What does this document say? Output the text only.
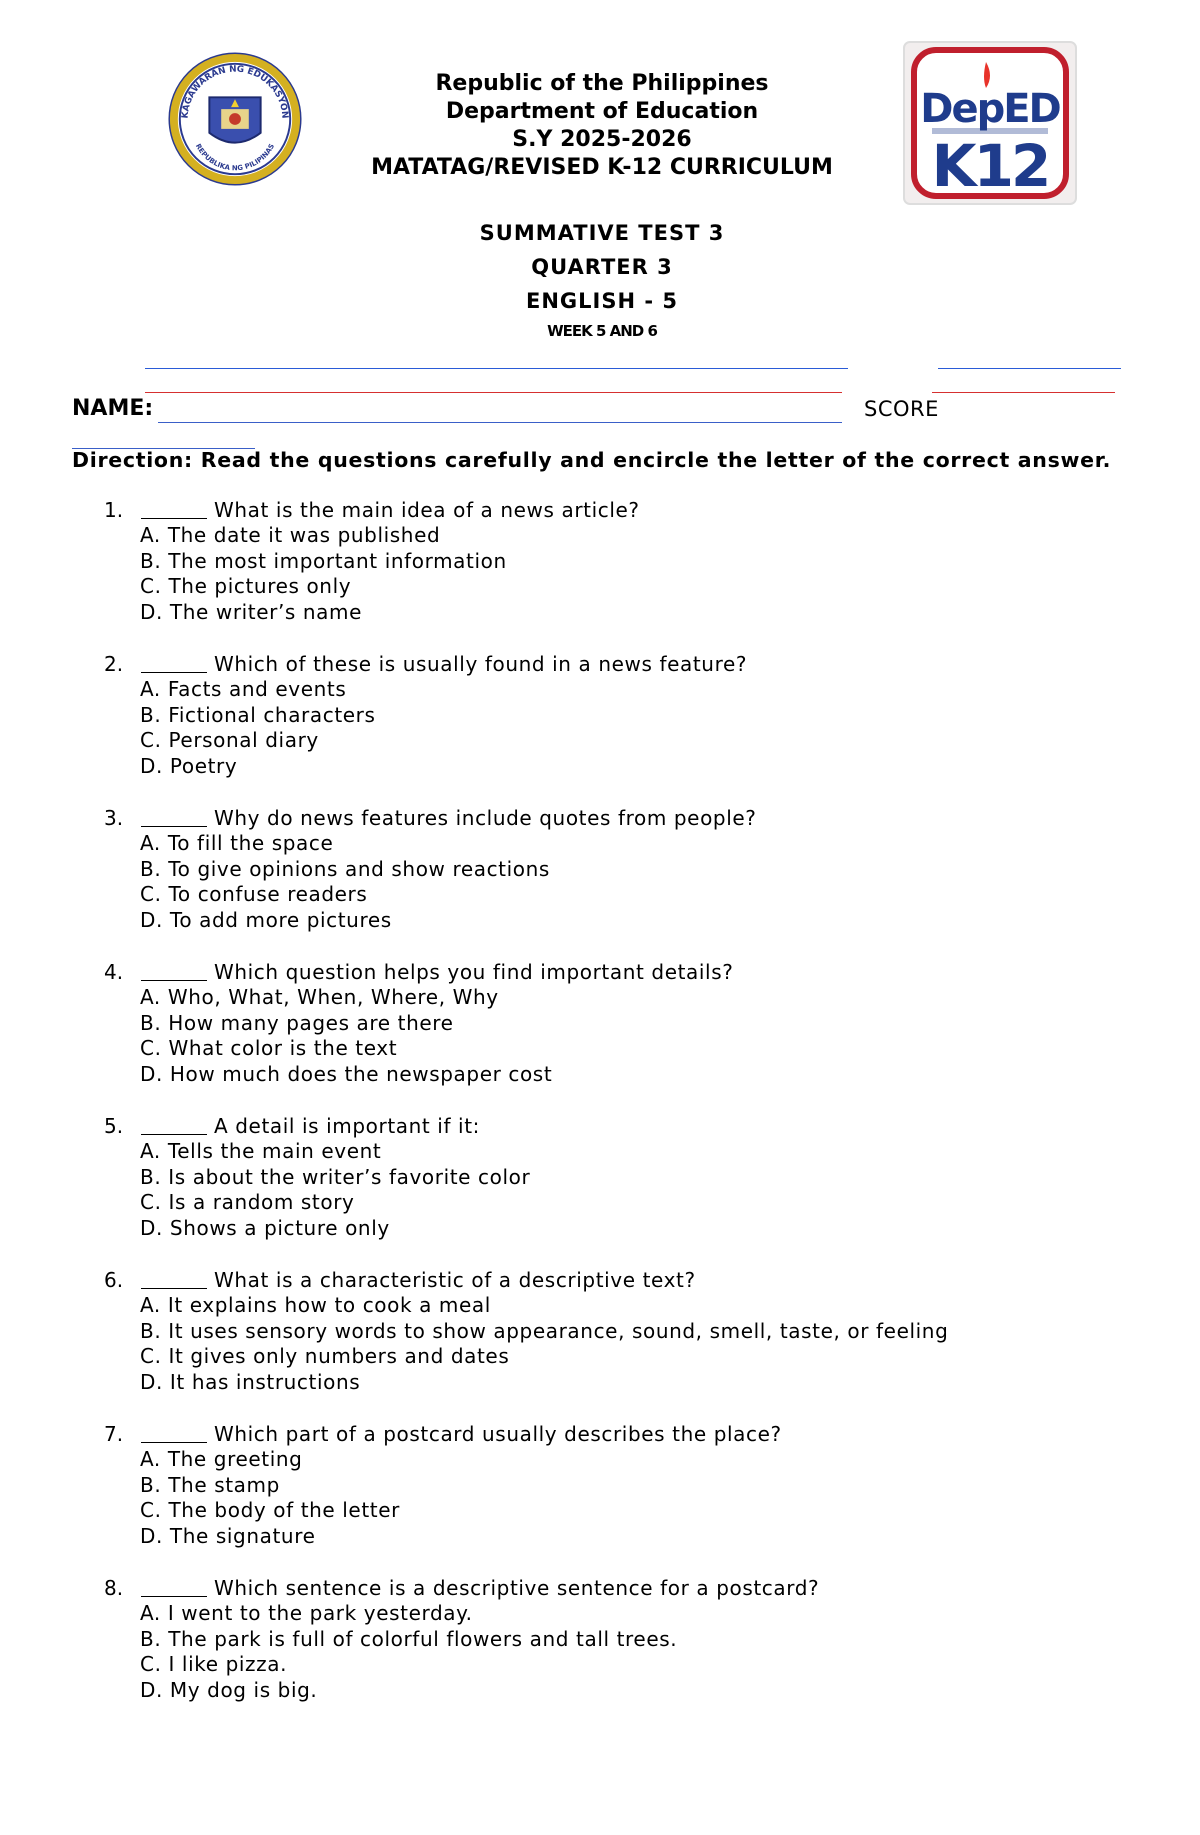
KAGAWARAN NG EDUKASYON
REPUBLIKA NG PILIPINAS
DepED
K12
Republic of the Philippines
Department of Education
S.Y 2025-2026
MATATAG/REVISED K-12 CURRICULUM
SUMMATIVE TEST 3
QUARTER 3
ENGLISH - 5
WEEK 5 AND 6
NAME:	SCORE
Direction: Read the questions carefully and encircle the letter of the correct answer.
1.	What is the main idea of a news article?
A. The date it was published
B. The most important information
C. The pictures only
D. The writer’s name
2.	Which of these is usually found in a news feature?
A. Facts and events
B. Fictional characters
C. Personal diary
D. Poetry
3.	Why do news features include quotes from people?
A. To fill the space
B. To give opinions and show reactions
C. To confuse readers
D. To add more pictures
4.	Which question helps you find important details?
A. Who, What, When, Where, Why
B. How many pages are there
C. What color is the text
D. How much does the newspaper cost
5.	A detail is important if it:
A. Tells the main event
B. Is about the writer’s favorite color
C. Is a random story
D. Shows a picture only
6.	What is a characteristic of a descriptive text?
A. It explains how to cook a meal
B. It uses sensory words to show appearance, sound, smell, taste, or feeling
C. It gives only numbers and dates
D. It has instructions
7.	Which part of a postcard usually describes the place?
A. The greeting
B. The stamp
C. The body of the letter
D. The signature
8.	Which sentence is a descriptive sentence for a postcard?
A. I went to the park yesterday.
B. The park is full of colorful flowers and tall trees.
C. I like pizza.
D. My dog is big.
